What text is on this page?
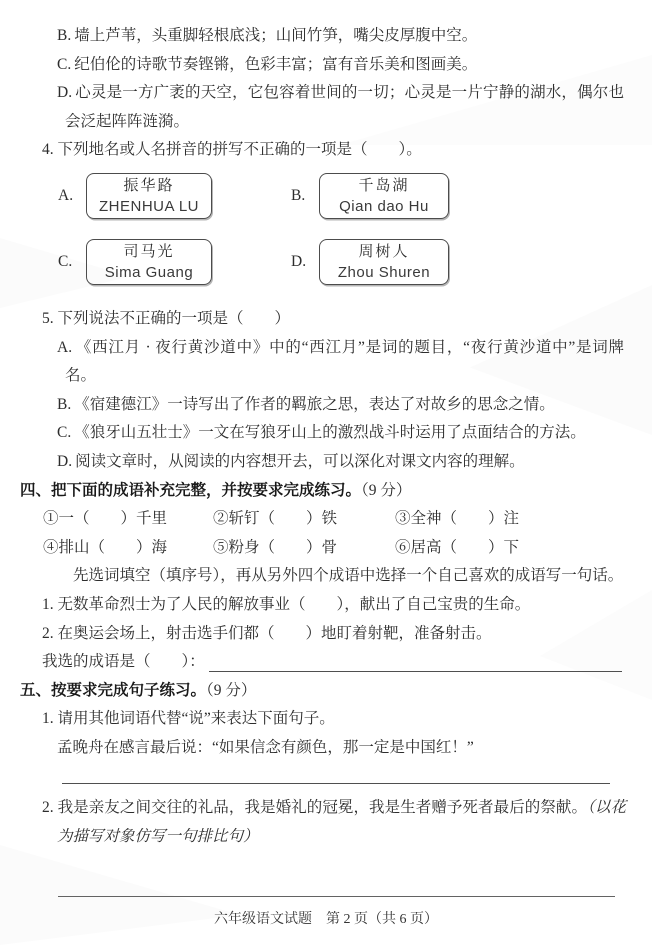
B. 墙上芦苇，头重脚轻根底浅；山间竹笋，嘴尖皮厚腹中空。

C. 纪伯伦的诗歌节奏铿锵，色彩丰富；富有音乐美和图画美。

D. 心灵是一方广袤的天空，它包容着世间的一切；心灵是一片宁静的湖水，偶尔也会泛起阵阵涟漪。

4. 下列地名或人名拼音的拼写不正确的一项是（　　）。

A.
振华路
ZHENHUA LU
B.
千岛湖
Qian dao Hu
C.
司马光
Sima Guang
D.
周树人
Zhou Shuren

5. 下列说法不正确的一项是（　　）

A. 《西江月 · 夜行黄沙道中》中的“西江月”是词的题目，“夜行黄沙道中”是词牌名。

B. 《宿建德江》一诗写出了作者的羁旅之思，表达了对故乡的思念之情。

C. 《狼牙山五壮士》一文在写狼牙山上的激烈战斗时运用了点面结合的方法。

D. 阅读文章时，从阅读的内容想开去，可以深化对课文内容的理解。

四、把下面的成语补充完整，并按要求完成练习。（9 分）
①一（　　）千里	②斩钉（　　）铁	③全神（　　）注
④排山（　　）海	⑤粉身（　　）骨	⑥居高（　　）下

先选词填空（填序号），再从另外四个成语中选择一个自己喜欢的成语写一句话。

1. 无数革命烈士为了人民的解放事业（　　），献出了自己宝贵的生命。

2. 在奥运会场上，射击选手们都（　　）地盯着射靶，准备射击。

我选的成语是（　　）：
五、按要求完成句子练习。（9 分）

1. 请用其他词语代替“说”来表达下面句子。

孟晚舟在感言最后说：“如果信念有颜色，那一定是中国红！”

2. 我是亲友之间交往的礼品，我是婚礼的冠冕，我是生者赠予死者最后的祭献。（以花为描写对象仿写一句排比句）

六年级语文试题　第 2 页（共 6 页）
